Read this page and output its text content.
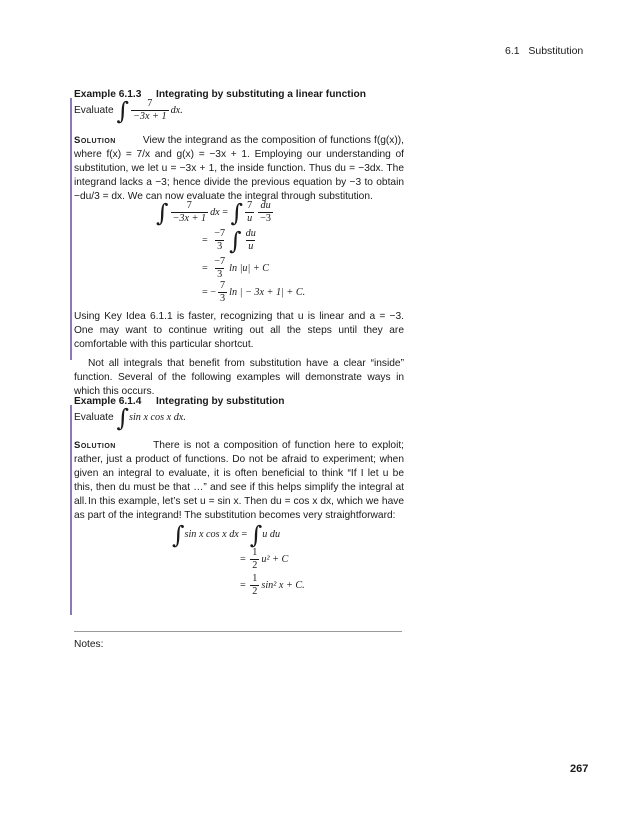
6.1 Substitution
Example 6.1.3 Integrating by substituting a linear function
Evaluate
∫ $\frac{7}{-3x + 1}$ dx.
Solution	View the integrand as the composition of functions f(g(x)), where f(x) = 7/x and g(x) = −3x + 1. Employing our understanding of substitution, we let u = −3x + 1, the inside function. Thus du = −3dx. The integrand lacks a −3; hence divide the previous equation by −3 to obtain −du/3 = dx. We can now evaluate the integral through substitution.
∫ $\frac{7}{-3x + 1}$ dx = ∫ $\frac{7}{u} \frac{du}{-3}$
= $\frac{-7}{3}$ ∫ $\frac{du}{u}$
= $\frac{-7}{3}$ ln |u| + C
= − $\frac{7}{3}$ ln | − 3x + 1| + C.
Using Key Idea 6.1.1 is faster, recognizing that u is linear and a = −3. One may want to continue writing out all the steps until they are comfortable with this particular shortcut.
Not all integrals that benefit from substitution have a clear “inside” function. Several of the following examples will demonstrate ways in which this occurs.
Example 6.1.4 Integrating by substitution
Evaluate
∫ sin x cos x dx.
Solution	There is not a composition of function here to exploit; rather, just a product of functions. Do not be afraid to experiment; when given an integral to evaluate, it is often beneficial to think “If I let u be this, then du must be that …” and see if this helps simplify the integral at all. In this example, let’s set u = sin x. Then du = cos x dx, which we have as part of the integrand! The substitution becomes very straightforward:
∫ sin x cos x dx = ∫ u du
= $\frac{1}{2} u^2 + C$
= $\frac{1}{2} \sin^2$ x + C.
Notes:
267
